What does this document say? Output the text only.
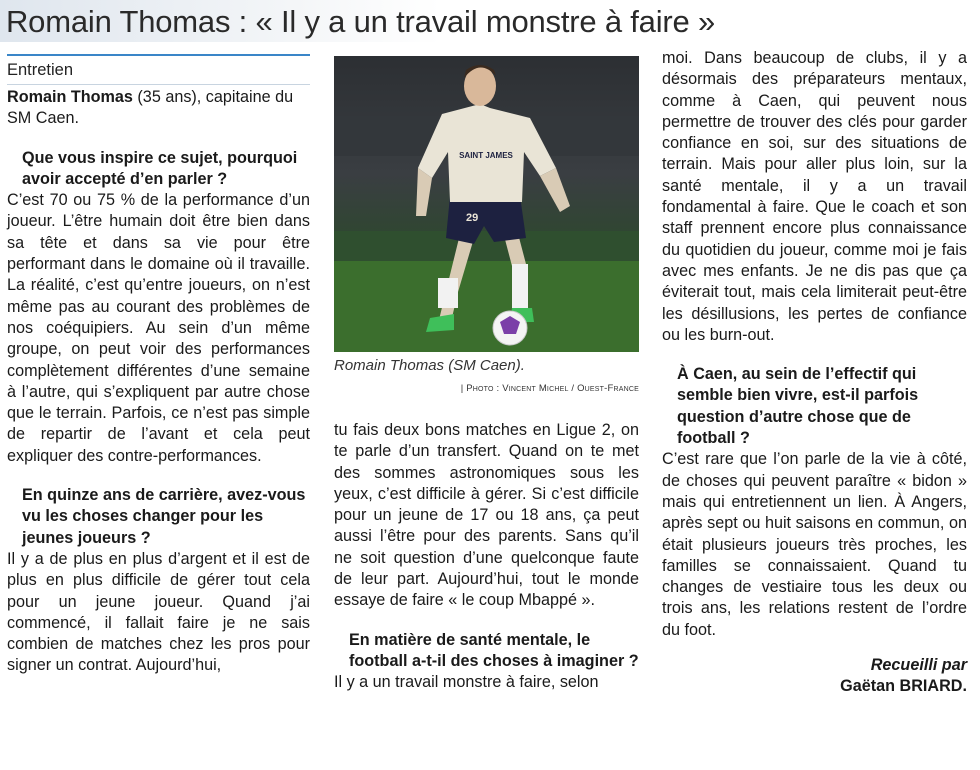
Romain Thomas : « Il y a un travail monstre à faire »
Entretien

Romain Thomas (35 ans), capitaine du SM Caen.

Que vous inspire ce sujet, pourquoi avoir accepté d’en parler ?

C’est 70 ou 75 % de la performance d’un joueur. L’être humain doit être bien dans sa tête et dans sa vie pour être performant dans le domaine où il travaille. La réalité, c’est qu’entre joueurs, on n’est même pas au courant des problèmes de nos coéquipiers. Au sein d’un même groupe, on peut voir des performances complètement différentes d’une semaine à l’autre, qui s’expliquent par autre chose que le terrain. Parfois, ce n’est pas simple de repartir de l’avant et cela peut expliquer des contre-performances.

En quinze ans de carrière, avez-vous vu les choses changer pour les jeunes joueurs ?

Il y a de plus en plus d’argent et il est de plus en plus difficile de gérer tout cela pour un jeune joueur. Quand j’ai commencé, il fallait faire je ne sais combien de matches chez les pros pour signer un contrat. Aujourd’hui,

SAINT JAMES
29
Romain Thomas (SM Caen).
| Photo : Vincent Michel / Ouest-France

tu fais deux bons matches en Ligue 2, on te parle d’un transfert. Quand on te met des sommes astronomiques sous les yeux, c’est difficile à gérer. Si c’est difficile pour un jeune de 17 ou 18 ans, ça peut aussi l’être pour des parents. Sans qu’il ne soit question d’une quelconque faute de leur part. Aujourd’hui, tout le monde essaye de faire « le coup Mbappé ».

En matière de santé mentale, le football a-t-il des choses à imaginer ?

Il y a un travail monstre à faire, selon

moi. Dans beaucoup de clubs, il y a désormais des préparateurs mentaux, comme à Caen, qui peuvent nous permettre de trouver des clés pour garder confiance en soi, sur des situations de terrain. Mais pour aller plus loin, sur la santé mentale, il y a un travail fondamental à faire. Que le coach et son staff prennent encore plus connaissance du quotidien du joueur, comme moi je fais avec mes enfants. Je ne dis pas que ça éviterait tout, mais cela limiterait peut-être les désillusions, les pertes de confiance ou les burn-out.

À Caen, au sein de l’effectif qui semble bien vivre, est-il parfois question d’autre chose que de football ?

C’est rare que l’on parle de la vie à côté, de choses qui peuvent paraître « bidon » mais qui entretiennent un lien. À Angers, après sept ou huit saisons en commun, on était plusieurs joueurs très proches, les familles se connaissaient. Quand tu changes de vestiaire tous les deux ou trois ans, les relations restent de l’ordre du foot.

Recueilli par
Gaëtan BRIARD.
